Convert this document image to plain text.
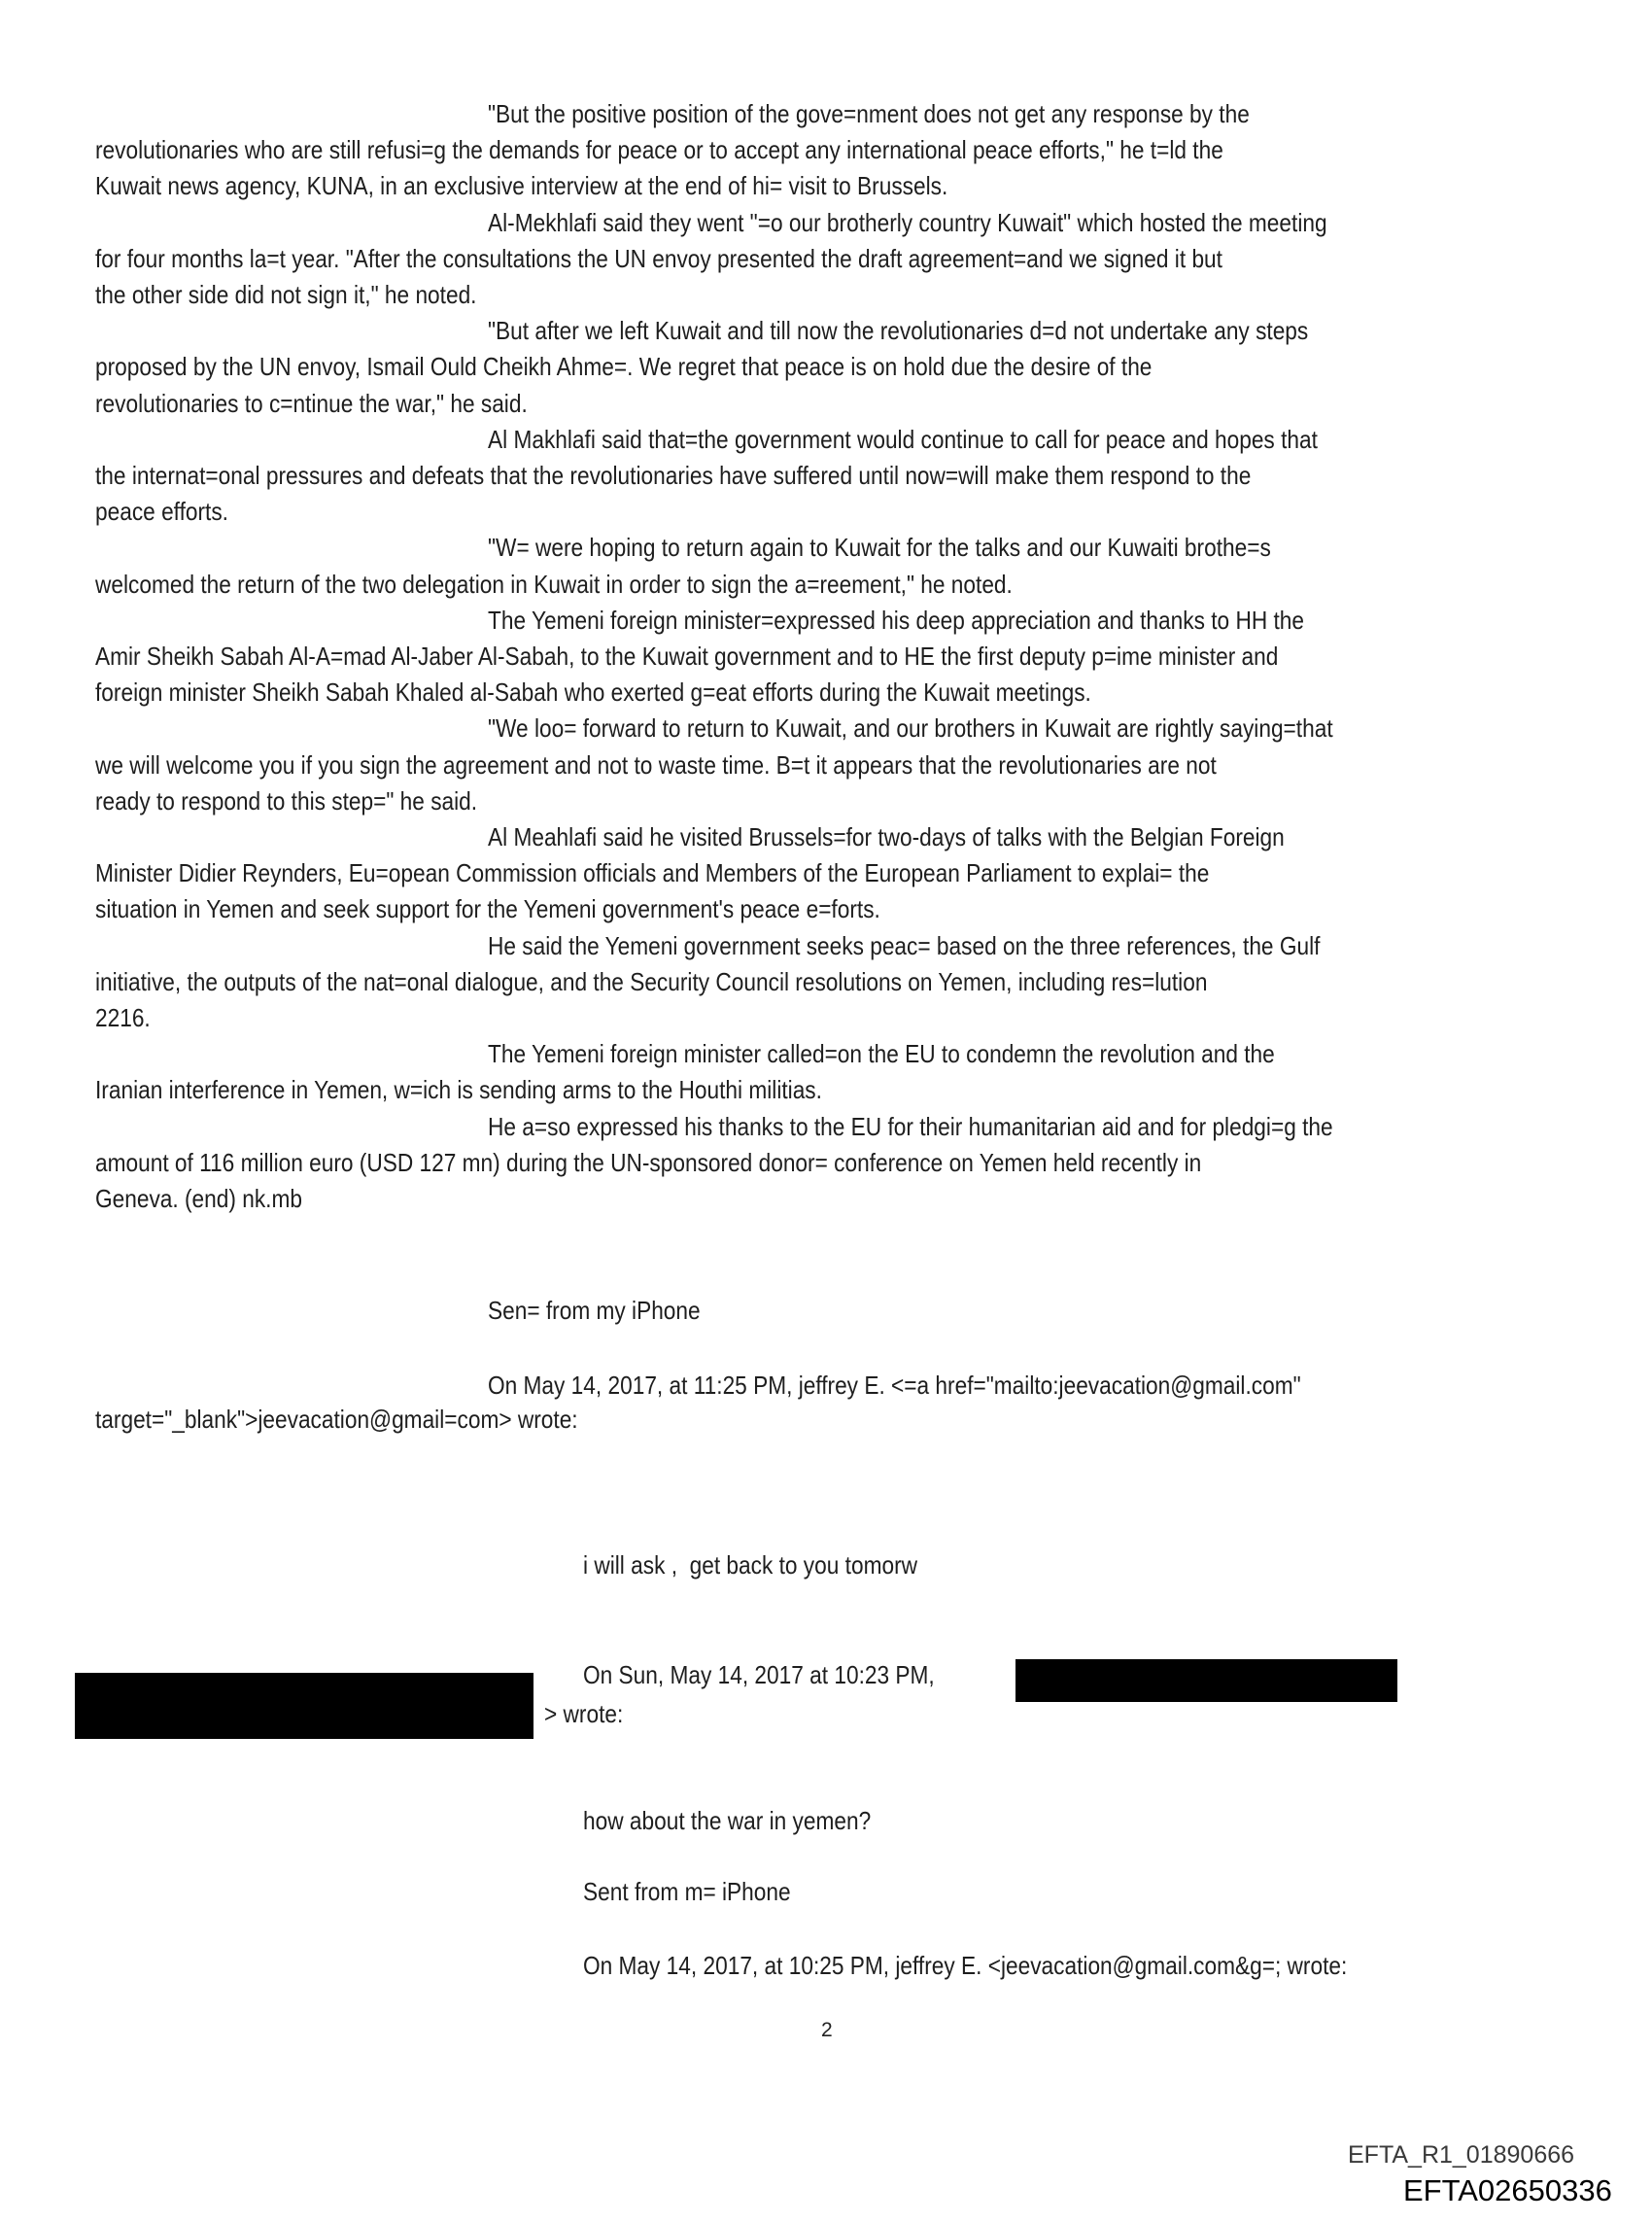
"But the positive position of the gove=nment does not get any response by the
revolutionaries who are still refusi=g the demands for peace or to accept any international peace efforts," he t=ld the
Kuwait news agency, KUNA, in an exclusive interview at the end of hi= visit to Brussels.
Al-Mekhlafi said they went "=o our brotherly country Kuwait" which hosted the meeting
for four months la=t year. "After the consultations the UN envoy presented the draft agreement=and we signed it but
the other side did not sign it," he noted.
"But after we left Kuwait and till now the revolutionaries d=d not undertake any steps
proposed by the UN envoy, Ismail Ould Cheikh Ahme=. We regret that peace is on hold due the desire of the
revolutionaries to c=ntinue the war," he said.
Al Makhlafi said that=the government would continue to call for peace and hopes that
the internat=onal pressures and defeats that the revolutionaries have suffered until now=will make them respond to the
peace efforts.
"W= were hoping to return again to Kuwait for the talks and our Kuwaiti brothe=s
welcomed the return of the two delegation in Kuwait in order to sign the a=reement," he noted.
The Yemeni foreign minister=expressed his deep appreciation and thanks to HH the
Amir Sheikh Sabah Al-A=mad Al-Jaber Al-Sabah, to the Kuwait government and to HE the first deputy p=ime minister and
foreign minister Sheikh Sabah Khaled al-Sabah who exerted g=eat efforts during the Kuwait meetings.
"We loo= forward to return to Kuwait, and our brothers in Kuwait are rightly saying=that
we will welcome you if you sign the agreement and not to waste time. B=t it appears that the revolutionaries are not
ready to respond to this step=" he said.
Al Meahlafi said he visited Brussels=for two-days of talks with the Belgian Foreign
Minister Didier Reynders, Eu=opean Commission officials and Members of the European Parliament to explai= the
situation in Yemen and seek support for the Yemeni government's peace e=forts.
He said the Yemeni government seeks peac= based on the three references, the Gulf
initiative, the outputs of the nat=onal dialogue, and the Security Council resolutions on Yemen, including res=lution
2216.
The Yemeni foreign minister called=on the EU to condemn the revolution and the
Iranian interference in Yemen, w=ich is sending arms to the Houthi militias.
He a=so expressed his thanks to the EU for their humanitarian aid and for pledgi=g the
amount of 116 million euro (USD 127 mn) during the UN-sponsored donor= conference on Yemen held recently in
Geneva. (end) nk.mb
Sen= from my iPhone
On May 14, 2017, at 11:25 PM, jeffrey E. <=a href="mailto:jeevacation@gmail.com"
target="_blank">jeevacation@gmail=com> wrote:
i will ask ,  get back to you tomorw
On Sun, May 14, 2017 at 10:23 PM,
> wrote:
how about the war in yemen?
Sent from m= iPhone
On May 14, 2017, at 10:25 PM, jeffrey E. <jeevacation@gmail.com&g=; wrote:
2
EFTA_R1_01890666
EFTA02650336
